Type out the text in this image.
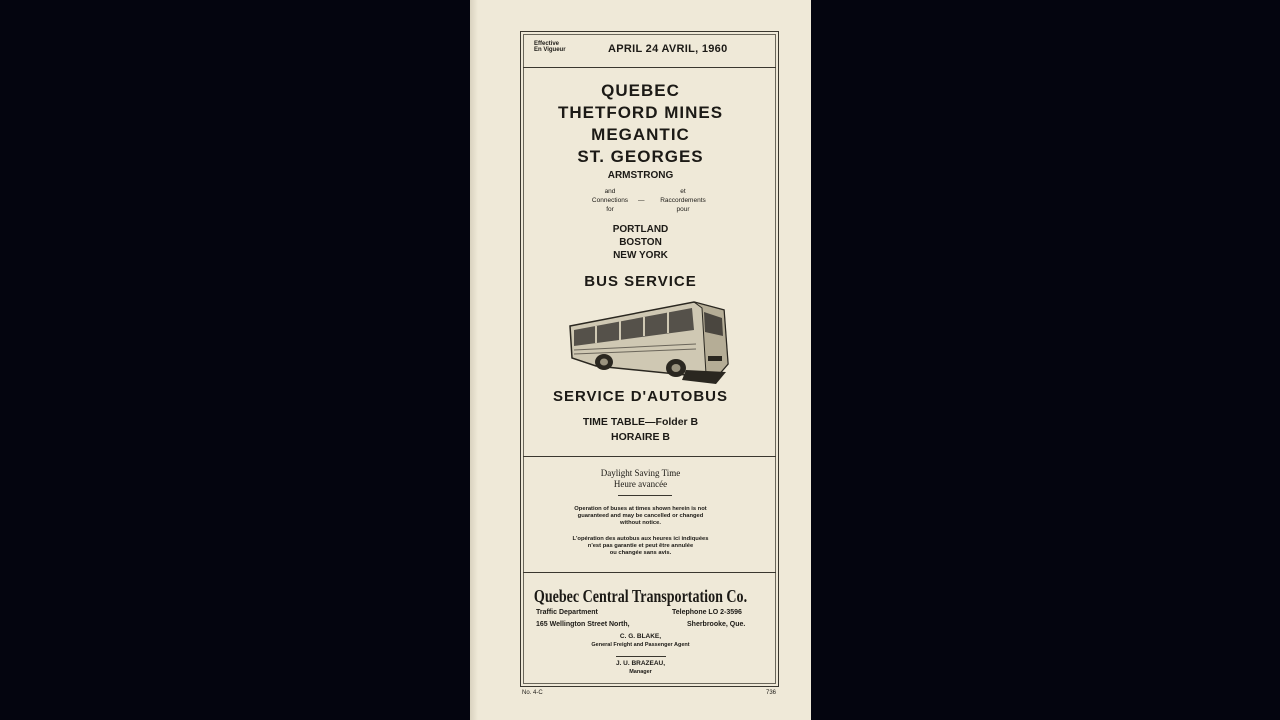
Effective
En Vigueur	APRIL 24 AVRIL, 1960
QUEBEC
THETFORD MINES
MEGANTIC
ST. GEORGES
ARMSTRONG
and
Connections
for
—
et
Raccordements
pour
PORTLAND
BOSTON
NEW YORK
BUS SERVICE
SERVICE D'AUTOBUS
TIME TABLE—Folder B
HORAIRE B
Daylight Saving Time
Heure avancée
Operation of buses at times shown herein is not
guaranteed and may be cancelled or changed
without notice.
L'opération des autobus aux heures ici indiquées
n'est pas garantie et peut être annulée
ou changée sans avis.
Quebec Central Transportation Co.
Traffic Department	Telephone LO 2-3596
165 Wellington Street North,	Sherbrooke, Que.
C. G. BLAKE,
General Freight and Passenger Agent
J. U. BRAZEAU,
Manager
No. 4-C	736
